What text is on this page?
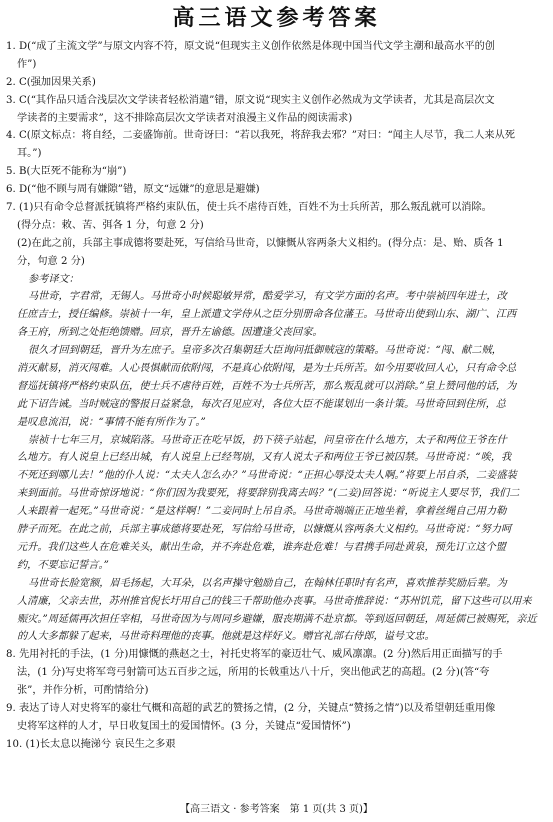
高三语文参考答案
1. D(“成了主流文学”与原文内容不符，原文说“但现实主义创作依然是体现中国当代文学主潮和最高水平的创
作”)
2. C(强加因果关系)
3. C(“其作品只适合浅层次文学读者轻松消遣”错，原文说“现实主义创作必然成为文学读者，尤其是高层次文
学读者的主要需求”，这不排除高层次文学读者对浪漫主义作品的阅读需求)
4. C(原文标点：将自经，二妾盛饰前。世奇讶曰：“若以我死，将辞我去邪？”对曰：“闻主人尽节，我二人来从死
耳。”)
5. B(大臣死不能称为“崩”)
6. D(“他不顾与周有嫌隙”错，原文“远嫌”的意思是避嫌)
7. (1)只有命令总督派抚镇将严格约束队伍，使士兵不虐待百姓，百姓不为士兵所苦，那么叛乱就可以消除。
(得分点：敕、苦、弭各 1 分，句意 2 分)
(2)在此之前，兵部主事成德将要赴死，写信给马世奇，以慷慨从容两条大义相约。(得分点：是、贻、质各 1
分，句意 2 分)
参考译文：
马世奇，字君常，无锡人。马世奇小时候聪敏异常，酷爱学习，有文学方面的名声。考中崇祯四年进士，改
任庶吉士，授任编修。崇祯十一年，皇上派遣文学侍从之臣分别册命各位藩王。马世奇出使到山东、湖广、江西
各王府，所到之处拒绝馈赠。回京，晋升左谕德。因遭逢父丧回家。
很久才回到朝廷，晋升为左庶子。皇帝多次召集朝廷大臣询问抵御贼寇的策略。马世奇说：“闯、献二贼，
消灭献易，消灭闯难。人心畏惧献而依附闯，不是真心依附闯，是为士兵所苦。如今用要收回人心，只有命令总
督巡抚镇将严格约束队伍，使士兵不虐待百姓，百姓不为士兵所苦，那么叛乱就可以消除。”皇上赞同他的话，为
此下诏告诫。当时贼寇的警报日益紧急，每次召见应对，各位大臣不能谋划出一条计策。马世奇回到住所，总
是叹息流泪，说：“事情不能有所作为了。”
崇祯十七年三月，京城陷落。马世奇正在吃早饭，扔下筷子站起，问皇帝在什么地方，太子和两位王爷在什
么地方。有人说皇上已经出城，有人说皇上已经驾崩，又有人说太子和两位王爷已被囚禁。马世奇说：“唉，我
不死还到哪儿去！”他的仆人说：“太夫人怎么办？”马世奇说：“正担心辱没太夫人啊。”将要上吊自杀，二妾盛装
来到面前。马世奇惊讶地说：“你们因为我要死，将要辞别我离去吗？”(二妾)回答说：“听说主人要尽节，我们二
人来跟着一起死。”马世奇说：“是这样啊！”二妾同时上吊自杀。马世奇端端正正地坐着，拿着丝绳自己用力勒
脖子而死。在此之前，兵部主事成德将要赴死，写信给马世奇，以慷慨从容两条大义相约。马世奇说：“努力呵
元升。我们这些人在危难关头，献出生命，并不奔赴危难，谁奔赴危难！与君携手同赴黄泉，预先订立这个盟
约，不要忘记誓言。”
马世奇长脸宽额，眉毛扬起，大耳朵，以名声操守勉励自己，在翰林任职时有名声，喜欢推荐奖励后辈。为
人清廉，父亲去世，苏州推官倪长圩用自己的钱三千帮助他办丧事。马世奇推辞说：“苏州饥荒，留下这些可以用来
赈灾。”周延儒再次担任宰相，马世奇因为与周同乡避嫌，服丧期满不赴京都。等到返回朝廷，周延儒已被赐死，亲近
的人大多都躲了起来，马世奇料理他的丧事。他就是这样好义。赠官礼部右侍郎，谥号文忠。
8. 先用衬托的手法，(1 分)用慷慨的燕赵之士，衬托史将军的豪迈壮气、威风凛凛。(2 分)然后用正面描写的手
法，(1 分)写史将军弯弓射箭可达五百步之远，所用的长戟重达八十斤，突出他武艺的高超。(2 分)(答“夸
张”，并作分析，可酌情给分)
9. 表达了诗人对史将军的豪壮气概和高超的武艺的赞扬之情，(2 分，关键点“赞扬之情”)以及希望朝廷重用像
史将军这样的人才，早日收复国土的爱国情怀。(3 分，关键点“爱国情怀”)
10. (1)长太息以掩涕兮 哀民生之多艰
【高三语文 · 参考答案　第 1 页(共 3 页)】
